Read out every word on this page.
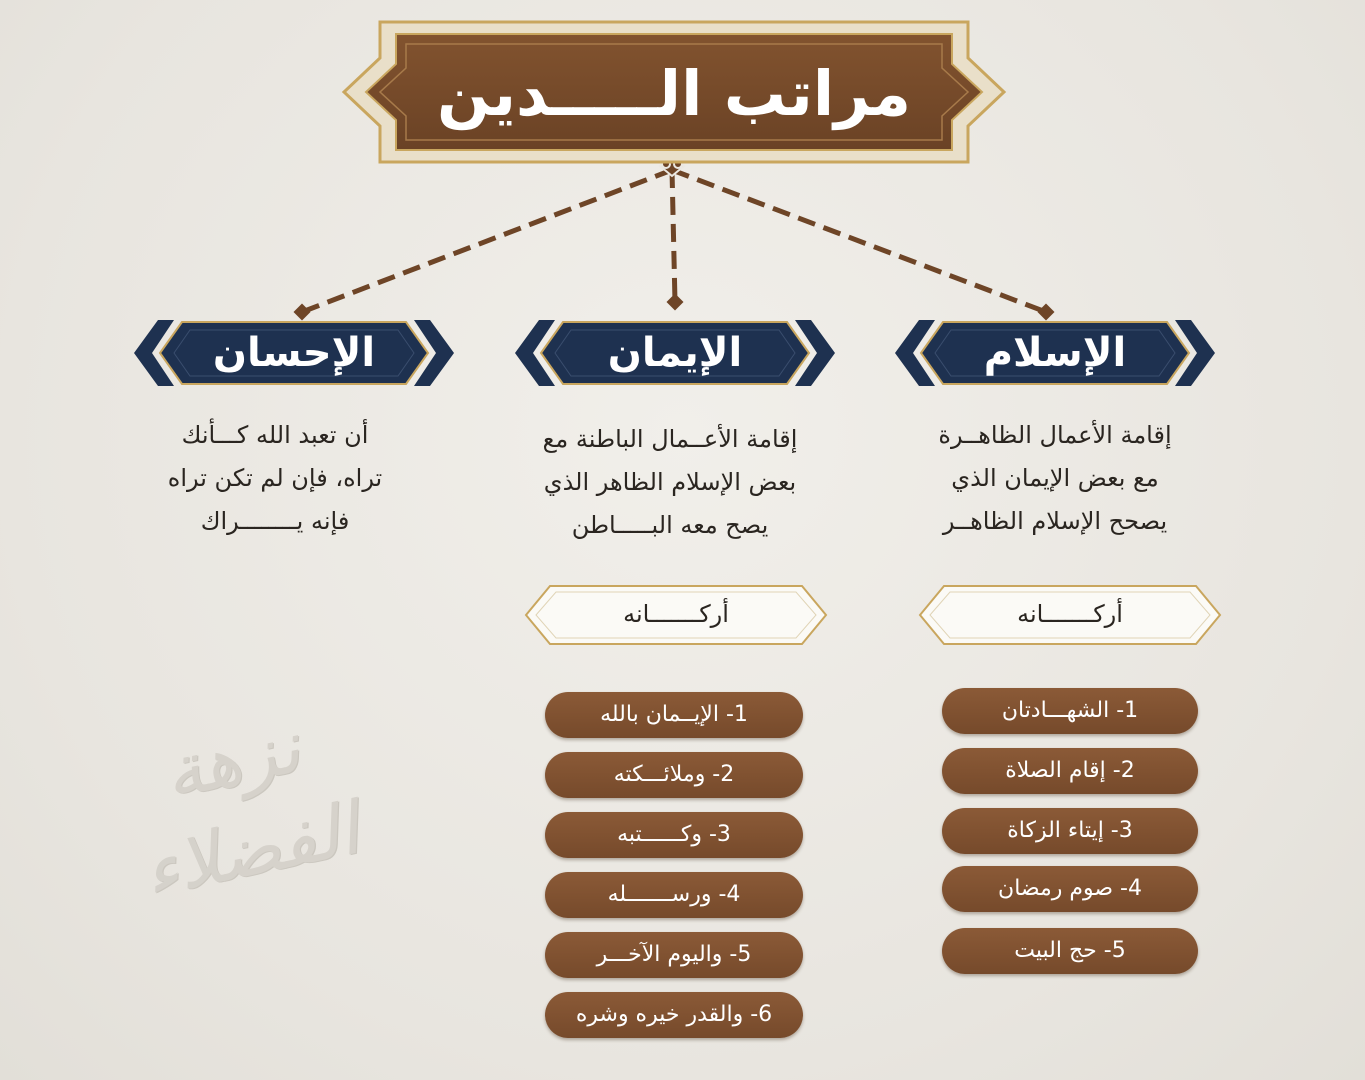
مراتب الـــــدين
الإسلام
الإيمان
الإحسان
إقامة الأعمال الظاهــرة
مع بعض الإيمان الذي
يصحح الإسلام الظاهــر
إقامة الأعــمال الباطنة مع
بعض الإسلام الظاهر الذي
يصح معه البـــــاطن
أن تعبد الله كـــأنك
تراه، فإن لم تكن تراه
فإنه يــــــــراك
أركـــــــانه
أركـــــــانه
1- الشهـــادتان
2- إقام الصلاة
3- إيتاء الزكاة
4- صوم رمضان
5- حج البيت
1- الإيــمان بالله
2- وملائـــكته
3- وكــــــتبه
4- ورســـــــله
5- واليوم الآخـــر
6- والقدر خيره وشره
نزهة
الفضلاء
